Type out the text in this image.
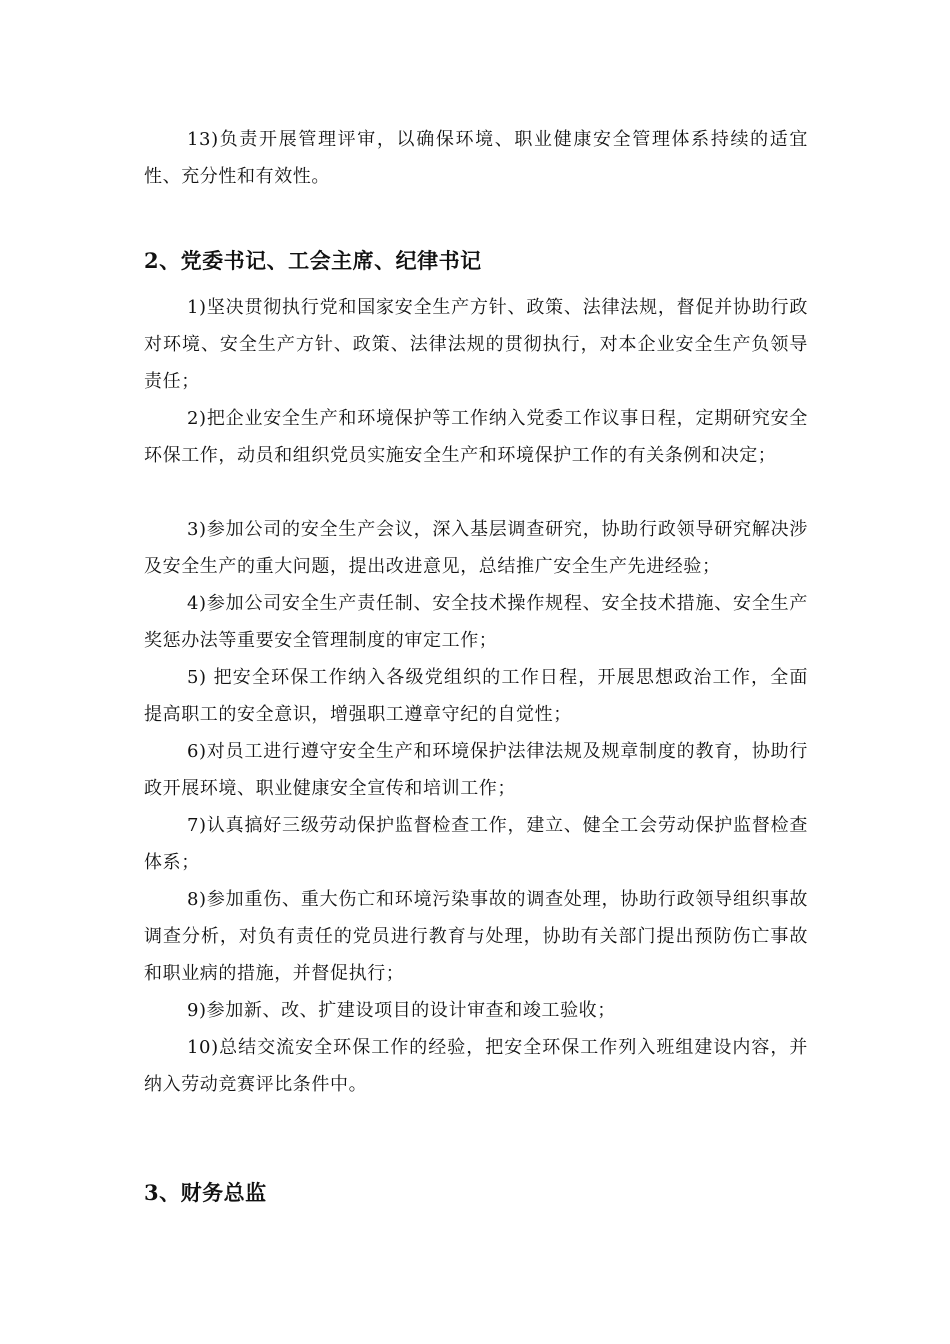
13)负责开展管理评审，以确保环境、职业健康安全管理体系持续的适宜性、充分性和有效性。

2、党委书记、工会主席、纪律书记

1)坚决贯彻执行党和国家安全生产方针、政策、法律法规，督促并协助行政对环境、安全生产方针、政策、法律法规的贯彻执行，对本企业安全生产负领导责任；

2)把企业安全生产和环境保护等工作纳入党委工作议事日程，定期研究安全环保工作，动员和组织党员实施安全生产和环境保护工作的有关条例和决定；

3)参加公司的安全生产会议，深入基层调查研究，协助行政领导研究解决涉及安全生产的重大问题，提出改进意见，总结推广安全生产先进经验；

4)参加公司安全生产责任制、安全技术操作规程、安全技术措施、安全生产奖惩办法等重要安全管理制度的审定工作；

5) 把安全环保工作纳入各级党组织的工作日程，开展思想政治工作，全面提高职工的安全意识，增强职工遵章守纪的自觉性；

6)对员工进行遵守安全生产和环境保护法律法规及规章制度的教育，协助行政开展环境、职业健康安全宣传和培训工作；

7)认真搞好三级劳动保护监督检查工作，建立、健全工会劳动保护监督检查体系；

8)参加重伤、重大伤亡和环境污染事故的调查处理，协助行政领导组织事故调查分析，对负有责任的党员进行教育与处理，协助有关部门提出预防伤亡事故和职业病的措施，并督促执行；

9)参加新、改、扩建设项目的设计审查和竣工验收；

10)总结交流安全环保工作的经验，把安全环保工作列入班组建设内容，并纳入劳动竞赛评比条件中。

3、财务总监
